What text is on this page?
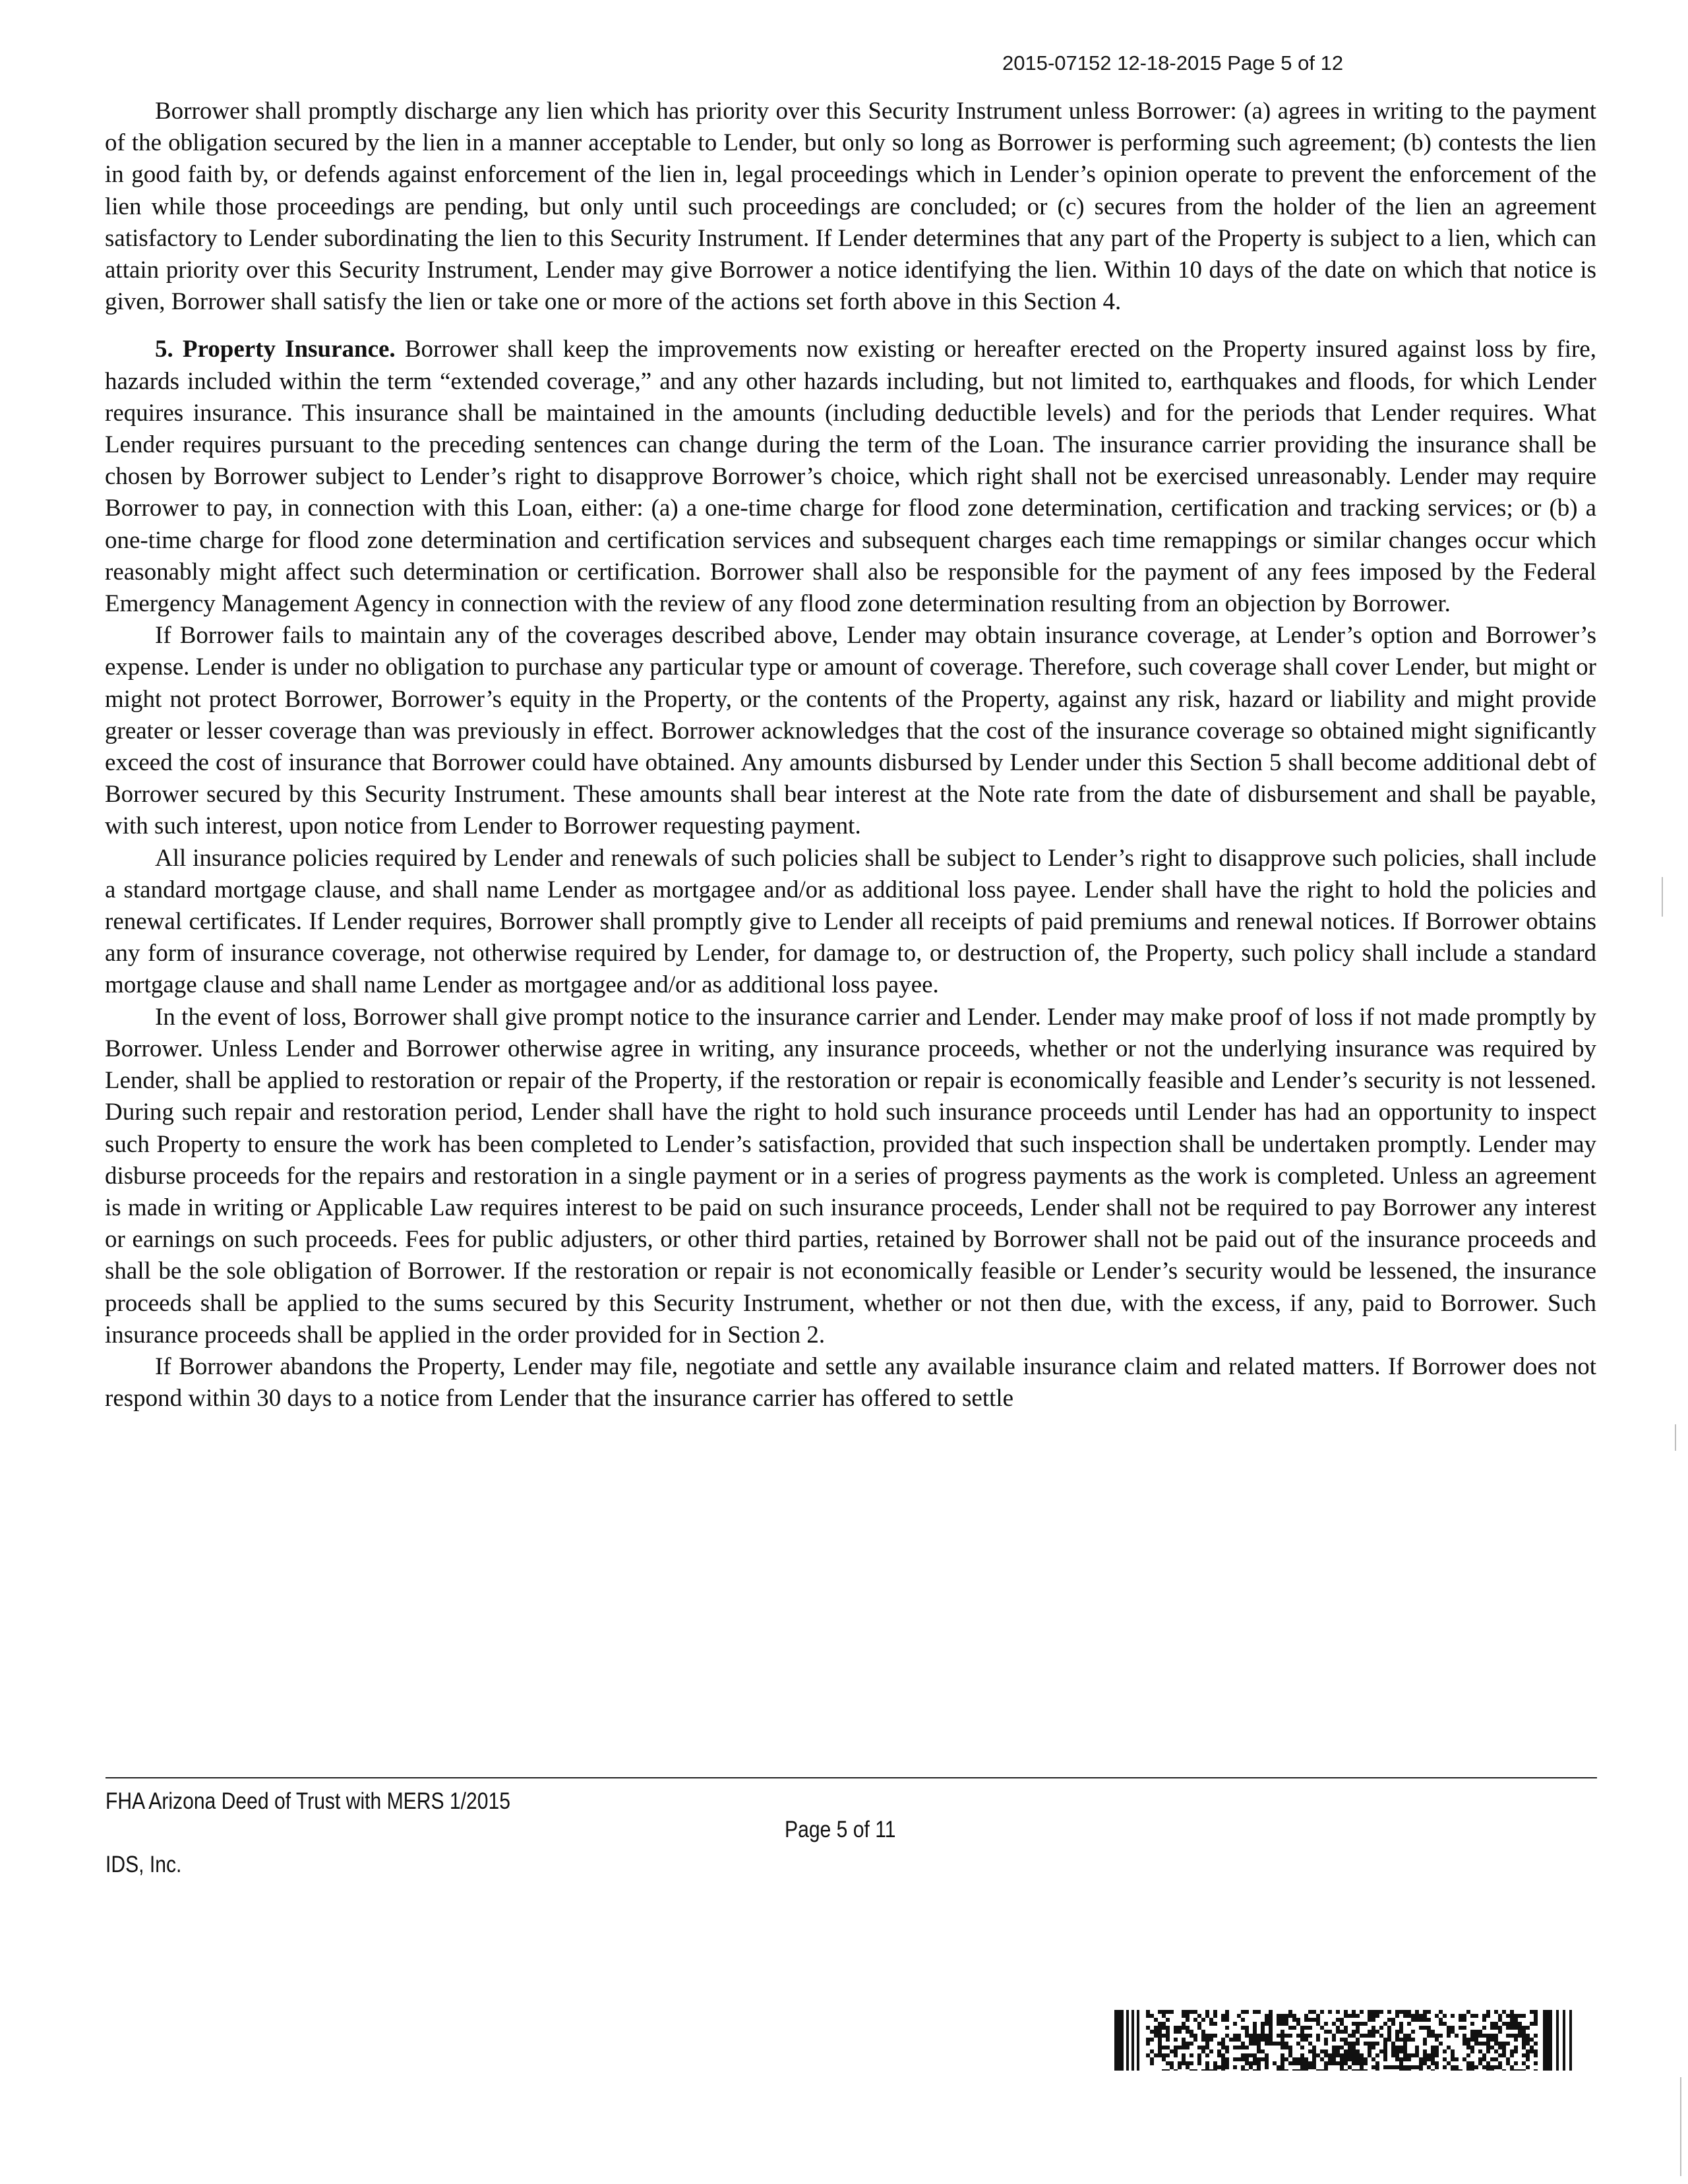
2015-07152 12-18-2015 Page 5 of 12

Borrower shall promptly discharge any lien which has priority over this Security Instrument unless Borrower: (a) agrees in writing to the payment of the obligation secured by the lien in a manner acceptable to Lender, but only so long as Borrower is performing such agreement; (b) contests the lien in good faith by, or defends against enforcement of the lien in, legal proceedings which in Lender’s opinion operate to prevent the enforcement of the lien while those proceedings are pending, but only until such proceedings are concluded; or (c) secures from the holder of the lien an agreement satisfactory to Lender subordinating the lien to this Security Instrument. If Lender determines that any part of the Property is subject to a lien, which can attain priority over this Security Instrument, Lender may give Borrower a notice identifying the lien. Within 10 days of the date on which that notice is given, Borrower shall satisfy the lien or take one or more of the actions set forth above in this Section 4.

5. Property Insurance. Borrower shall keep the improvements now existing or hereafter erected on the Property insured against loss by fire, hazards included within the term “extended coverage,” and any other hazards including, but not limited to, earthquakes and floods, for which Lender requires insurance. This insurance shall be maintained in the amounts (including deductible levels) and for the periods that Lender requires. What Lender requires pursuant to the preceding sentences can change during the term of the Loan. The insurance carrier providing the insurance shall be chosen by Borrower subject to Lender’s right to disapprove Borrower’s choice, which right shall not be exercised unreasonably. Lender may require Borrower to pay, in connection with this Loan, either: (a) a one-time charge for flood zone determination, certification and tracking services; or (b) a one-time charge for flood zone determination and certification services and subsequent charges each time remappings or similar changes occur which reasonably might affect such determination or certification. Borrower shall also be responsible for the payment of any fees imposed by the Federal Emergency Management Agency in connection with the review of any flood zone determination resulting from an objection by Borrower.

If Borrower fails to maintain any of the coverages described above, Lender may obtain insurance coverage, at Lender’s option and Borrower’s expense. Lender is under no obligation to purchase any particular type or amount of coverage. Therefore, such coverage shall cover Lender, but might or might not protect Borrower, Borrower’s equity in the Property, or the contents of the Property, against any risk, hazard or liability and might provide greater or lesser coverage than was previously in effect. Borrower acknowledges that the cost of the insurance coverage so obtained might significantly exceed the cost of insurance that Borrower could have obtained. Any amounts disbursed by Lender under this Section 5 shall become additional debt of Borrower secured by this Security Instrument. These amounts shall bear interest at the Note rate from the date of disbursement and shall be payable, with such interest, upon notice from Lender to Borrower requesting payment.

All insurance policies required by Lender and renewals of such policies shall be subject to Lender’s right to disapprove such policies, shall include a standard mortgage clause, and shall name Lender as mortgagee and/or as additional loss payee. Lender shall have the right to hold the policies and renewal certificates. If Lender requires, Borrower shall promptly give to Lender all receipts of paid premiums and renewal notices. If Borrower obtains any form of insurance coverage, not otherwise required by Lender, for damage to, or destruction of, the Property, such policy shall include a standard mortgage clause and shall name Lender as mortgagee and/or as additional loss payee.

In the event of loss, Borrower shall give prompt notice to the insurance carrier and Lender. Lender may make proof of loss if not made promptly by Borrower. Unless Lender and Borrower otherwise agree in writing, any insurance proceeds, whether or not the underlying insurance was required by Lender, shall be applied to restoration or repair of the Property, if the restoration or repair is economically feasible and Lender’s security is not lessened. During such repair and restoration period, Lender shall have the right to hold such insurance proceeds until Lender has had an opportunity to inspect such Property to ensure the work has been completed to Lender’s satisfaction, provided that such inspection shall be undertaken promptly. Lender may disburse proceeds for the repairs and restoration in a single payment or in a series of progress payments as the work is completed. Unless an agreement is made in writing or Applicable Law requires interest to be paid on such insurance proceeds, Lender shall not be required to pay Borrower any interest or earnings on such proceeds. Fees for public adjusters, or other third parties, retained by Borrower shall not be paid out of the insurance proceeds and shall be the sole obligation of Borrower. If the restoration or repair is not economically feasible or Lender’s security would be lessened, the insurance proceeds shall be applied to the sums secured by this Security Instrument, whether or not then due, with the excess, if any, paid to Borrower. Such insurance proceeds shall be applied in the order provided for in Section 2.

If Borrower abandons the Property, Lender may file, negotiate and settle any available insurance claim and related matters. If Borrower does not respond within 30 days to a notice from Lender that the insurance carrier has offered to settle

FHA Arizona Deed of Trust with MERS 1/2015
Page 5 of 11
IDS, Inc.
